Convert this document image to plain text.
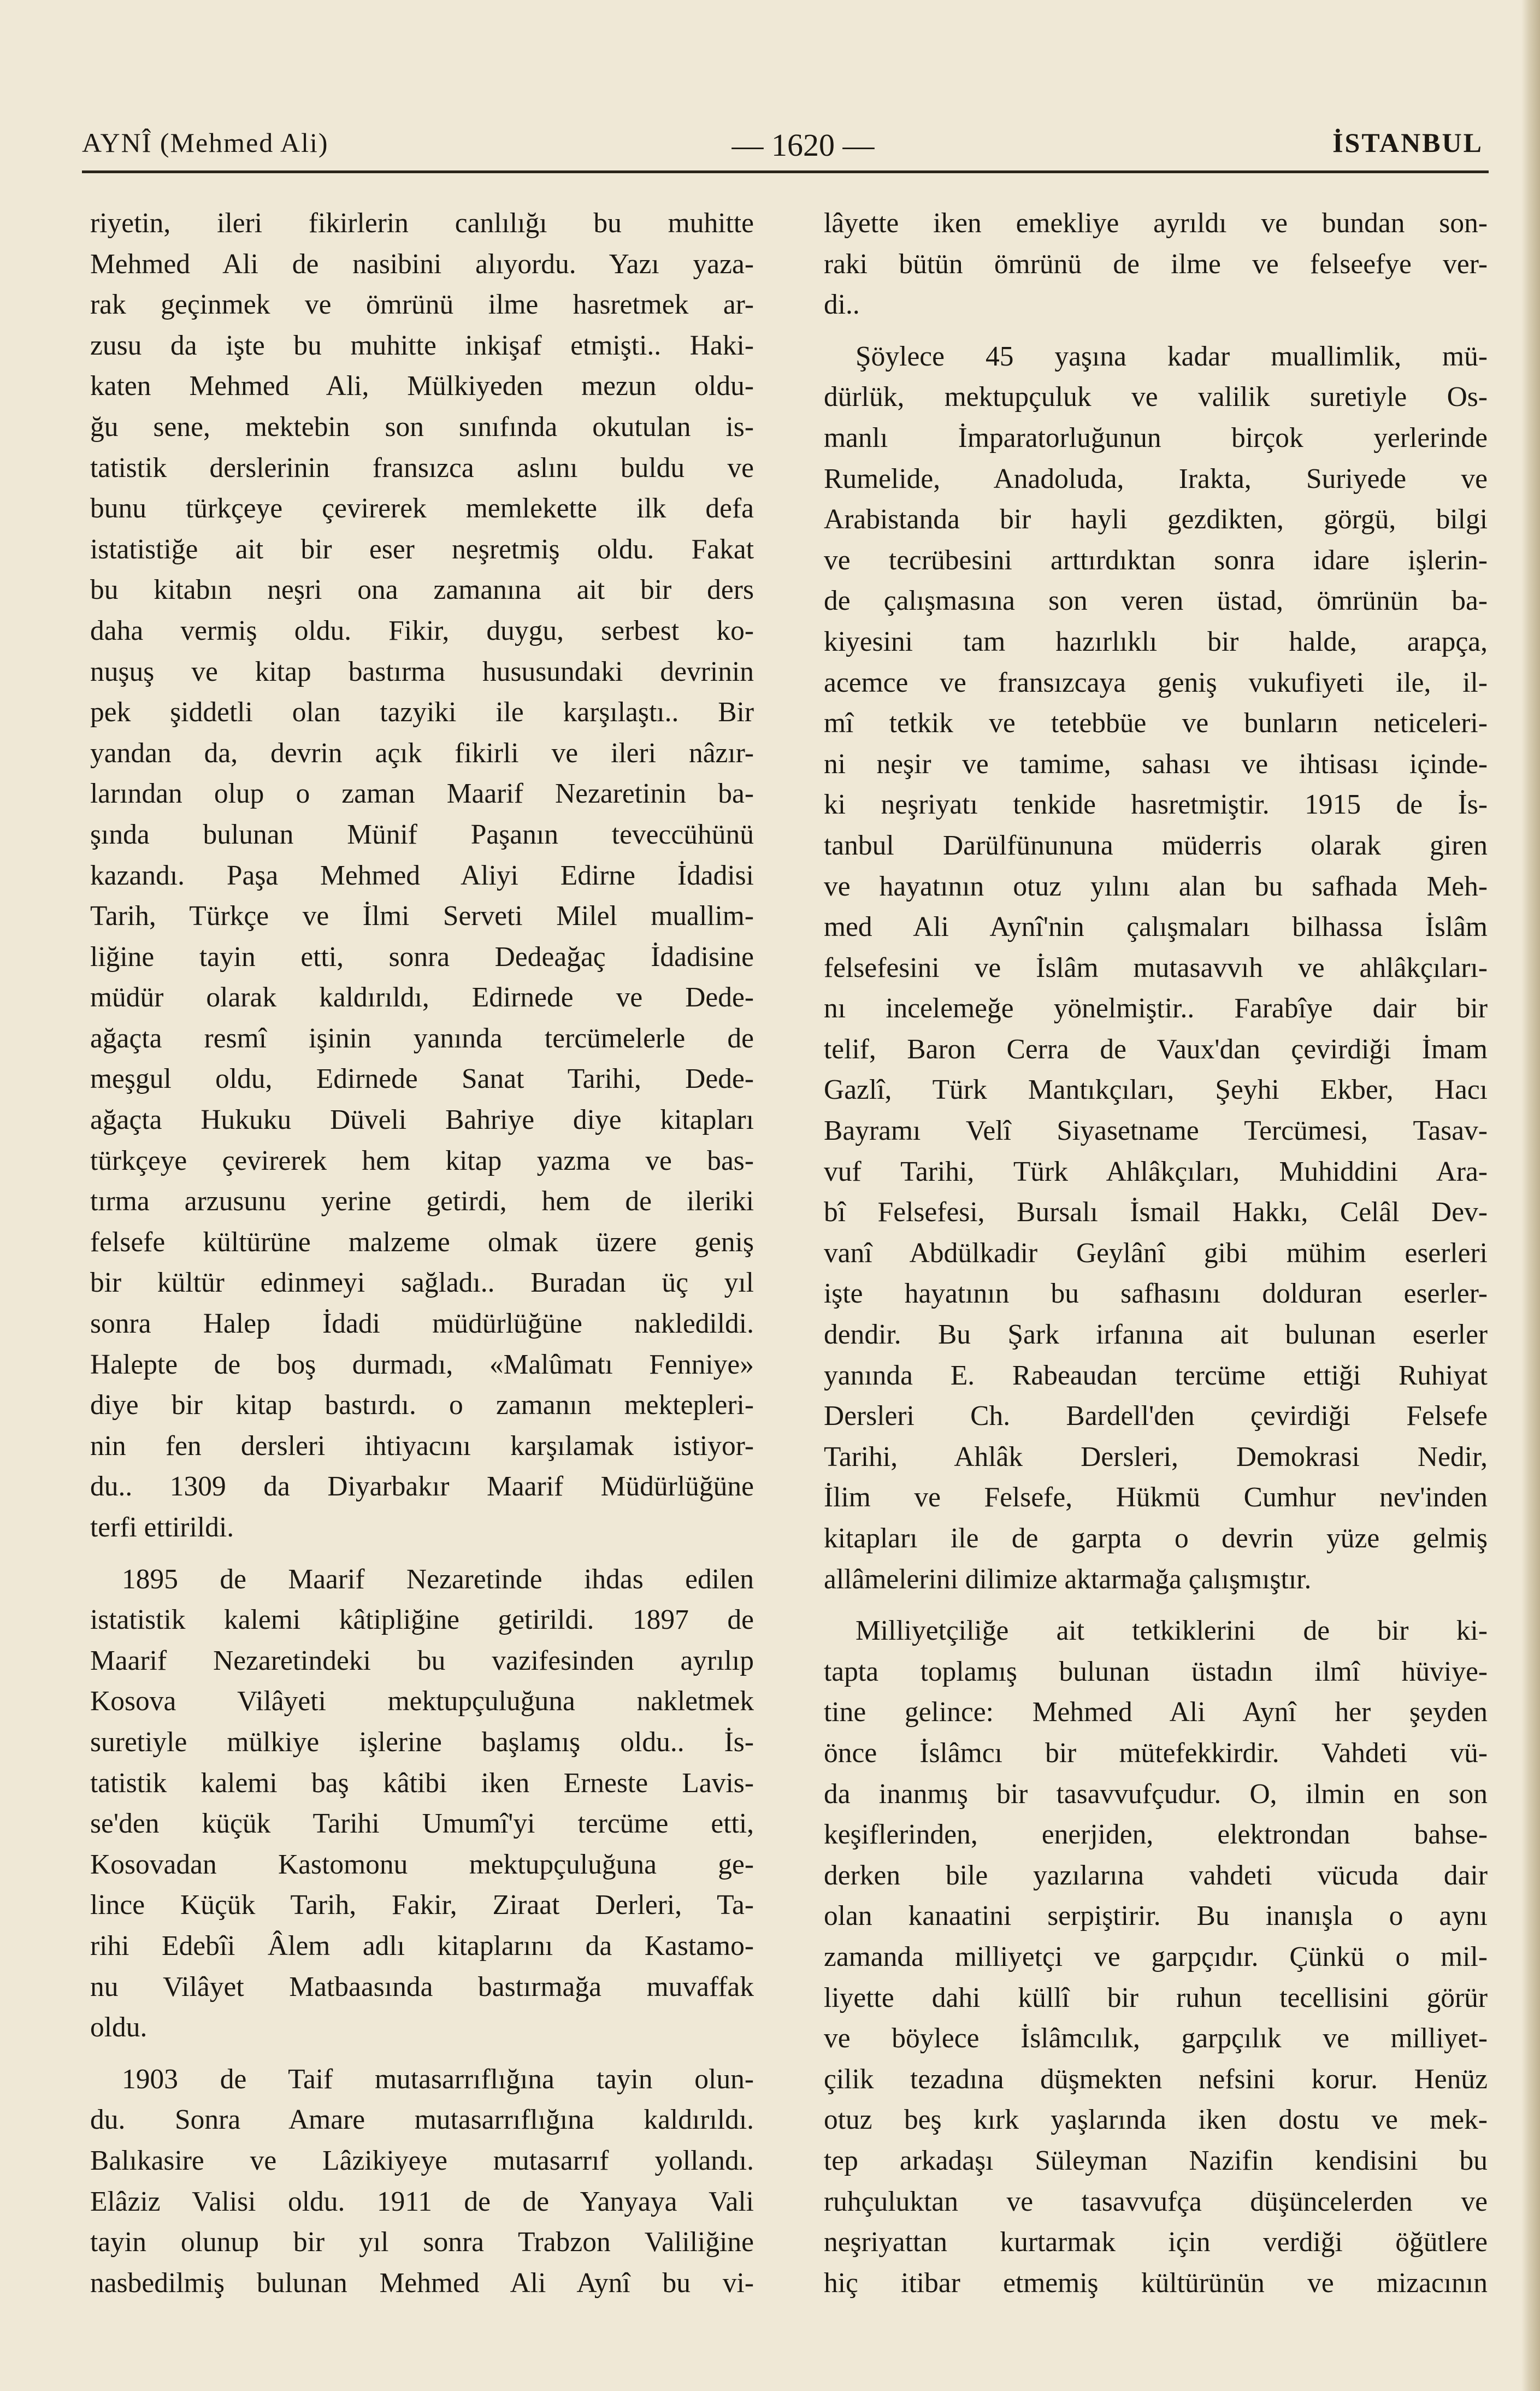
AYNÎ (Mehmed Ali)	— 1620 —	İSTANBUL
riyetin, ileri fikirlerin canlılığı bu muhitte
Mehmed Ali de nasibini alıyordu. Yazı yaza-
rak geçinmek ve ömrünü ilme hasretmek ar-
zusu da işte bu muhitte inkişaf etmişti.. Haki-
katen Mehmed Ali, Mülkiyeden mezun oldu-
ğu sene, mektebin son sınıfında okutulan is-
tatistik derslerinin fransızca aslını buldu ve
bunu türkçeye çevirerek memlekette ilk defa
istatistiğe ait bir eser neşretmiş oldu. Fakat
bu kitabın neşri ona zamanına ait bir ders
daha vermiş oldu. Fikir, duygu, serbest ko-
nuşuş ve kitap bastırma hususundaki devrinin
pek şiddetli olan tazyiki ile karşılaştı.. Bir
yandan da, devrin açık fikirli ve ileri nâzır-
larından olup o zaman Maarif Nezaretinin ba-
şında bulunan Münif Paşanın teveccühünü
kazandı. Paşa Mehmed Aliyi Edirne İdadisi
Tarih, Türkçe ve İlmi Serveti Milel muallim-
liğine tayin etti, sonra Dedeağaç İdadisine
müdür olarak kaldırıldı, Edirnede ve Dede-
ağaçta resmî işinin yanında tercümelerle de
meşgul oldu, Edirnede Sanat Tarihi, Dede-
ağaçta Hukuku Düveli Bahriye diye kitapları
türkçeye çevirerek hem kitap yazma ve bas-
tırma arzusunu yerine getirdi, hem de ileriki
felsefe kültürüne malzeme olmak üzere geniş
bir kültür edinmeyi sağladı.. Buradan üç yıl
sonra Halep İdadi müdürlüğüne nakledildi.
Halepte de boş durmadı, «Malûmatı Fenniye»
diye bir kitap bastırdı. o zamanın mektepleri-
nin fen dersleri ihtiyacını karşılamak istiyor-
du.. 1309 da Diyarbakır Maarif Müdürlüğüne
terfi ettirildi.
1895 de Maarif Nezaretinde ihdas edilen
istatistik kalemi kâtipliğine getirildi. 1897 de
Maarif Nezaretindeki bu vazifesinden ayrılıp
Kosova Vilâyeti mektupçuluğuna nakletmek
suretiyle mülkiye işlerine başlamış oldu.. İs-
tatistik kalemi baş kâtibi iken Erneste Lavis-
se'den küçük Tarihi Umumî'yi tercüme etti,
Kosovadan Kastomonu mektupçuluğuna ge-
lince Küçük Tarih, Fakir, Ziraat Derleri, Ta-
rihi Edebîi Âlem adlı kitaplarını da Kastamo-
nu Vilâyet Matbaasında bastırmağa muvaffak
oldu.
1903 de Taif mutasarrıflığına tayin olun-
du. Sonra Amare mutasarrıflığına kaldırıldı.
Balıkasire ve Lâzikiyeye mutasarrıf yollandı.
Elâziz Valisi oldu. 1911 de de Yanyaya Vali
tayin olunup bir yıl sonra Trabzon Valiliğine
nasbedilmiş bulunan Mehmed Ali Aynî bu vi-
lâyette iken emekliye ayrıldı ve bundan son-
raki bütün ömrünü de ilme ve felseefye ver-
di..
Şöylece 45 yaşına kadar muallimlik, mü-
dürlük, mektupçuluk ve valilik suretiyle Os-
manlı İmparatorluğunun birçok yerlerinde
Rumelide, Anadoluda, Irakta, Suriyede ve
Arabistanda bir hayli gezdikten, görgü, bilgi
ve tecrübesini arttırdıktan sonra idare işlerin-
de çalışmasına son veren üstad, ömrünün ba-
kiyesini tam hazırlıklı bir halde, arapça,
acemce ve fransızcaya geniş vukufiyeti ile, il-
mî tetkik ve tetebbüe ve bunların neticeleri-
ni neşir ve tamime, sahası ve ihtisası içinde-
ki neşriyatı tenkide hasretmiştir. 1915 de İs-
tanbul Darülfünununa müderris olarak giren
ve hayatının otuz yılını alan bu safhada Meh-
med Ali Aynî'nin çalışmaları bilhassa İslâm
felsefesini ve İslâm mutasavvıh ve ahlâkçıları-
nı incelemeğe yönelmiştir.. Farabîye dair bir
telif, Baron Cerra de Vaux'dan çevirdiği İmam
Gazlî, Türk Mantıkçıları, Şeyhi Ekber, Hacı
Bayramı Velî Siyasetname Tercümesi, Tasav-
vuf Tarihi, Türk Ahlâkçıları, Muhiddini Ara-
bî Felsefesi, Bursalı İsmail Hakkı, Celâl Dev-
vanî Abdülkadir Geylânî gibi mühim eserleri
işte hayatının bu safhasını dolduran eserler-
dendir. Bu Şark irfanına ait bulunan eserler
yanında E. Rabeaudan tercüme ettiği Ruhiyat
Dersleri Ch. Bardell'den çevirdiği Felsefe
Tarihi, Ahlâk Dersleri, Demokrasi Nedir,
İlim ve Felsefe, Hükmü Cumhur nev'inden
kitapları ile de garpta o devrin yüze gelmiş
allâmelerini dilimize aktarmağa çalışmıştır.
Milliyetçiliğe ait tetkiklerini de bir ki-
tapta toplamış bulunan üstadın ilmî hüviye-
tine gelince: Mehmed Ali Aynî her şeyden
önce İslâmcı bir mütefekkirdir. Vahdeti vü-
da inanmış bir tasavvufçudur. O, ilmin en son
keşiflerinden, enerjiden, elektrondan bahse-
derken bile yazılarına vahdeti vücuda dair
olan kanaatini serpiştirir. Bu inanışla o aynı
zamanda milliyetçi ve garpçıdır. Çünkü o mil-
liyette dahi küllî bir ruhun tecellisini görür
ve böylece İslâmcılık, garpçılık ve milliyet-
çilik tezadına düşmekten nefsini korur. Henüz
otuz beş kırk yaşlarında iken dostu ve mek-
tep arkadaşı Süleyman Nazifin kendisini bu
ruhçuluktan ve tasavvufça düşüncelerden ve
neşriyattan kurtarmak için verdiği öğütlere
hiç itibar etmemiş kültürünün ve mizacının
